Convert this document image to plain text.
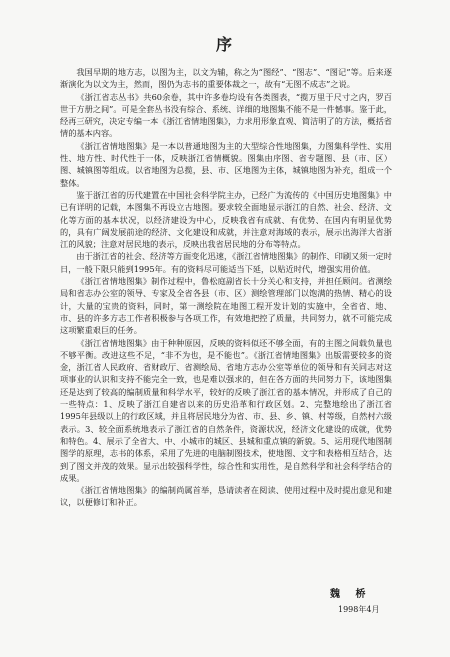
序

我国早期的地方志，以图为主，以文为辅，称之为“图经”、“图志”、“图记”等。后来逐渐演化为以文为主，然而，图仍为志书的重要体裁之一，故有“无图不成志”之说。

《浙江省志丛书》共60余卷，其中许多卷均设有各类图表，“揽万里于尺寸之内，罗百世于方册之间”。可是全套丛书没有综合、系统、详细的地图集不能不是一件憾事。鉴于此，经再三研究，决定专编一本《浙江省情地图集》，力求用形象直观、简洁明了的方法，概括省情的基本内容。

《浙江省情地图集》是一本以普通地图为主的大型综合性地图集，力图集科学性、实用性、地方性、时代性于一体，反映浙江省情概貌。图集由序图、省专题图、县（市、区）图、城镇图等组成。以省地图为总揽，县、市、区地图为主体，城镇地图为补充，组成一个整体。

鉴于浙江省的历代建置在中国社会科学院主办，已经广为流传的《中国历史地图集》中已有详明的记载，本图集不再设立古地图。要求较全面地显示浙江的自然、社会、经济、文化等方面的基本状况，以经济建设为中心，反映我省有成就、有优势、在国内有明显优势的，具有广阔发展前途的经济、文化建设和成就，并注意对海域的表示，展示出海洋大省浙江的风貌；注意对居民地的表示，反映出我省居民地的分布等特点。

由于浙江省的社会、经济等方面变化迅速，《浙江省情地图集》的制作、印刷又须一定时日，一般下限只能到1995年。有的资料尽可能适当下延，以贴近时代，增强实用价值。

《浙江省情地图集》制作过程中，鲁松庭副省长十分关心和支持，并担任顾问。省测绘局和省志办公室的领导、专家及全省各县（市、区）测绘管理部门以饱满的热情、精心的设计，大量的宝贵的资料，同时，第一测绘院在地图工程开发计划的实施中，全省省、地、市、县的许多方志工作者积极参与各项工作，有效地把控了质量，共同努力，就不可能完成这项繁重艰巨的任务。

《浙江省情地图集》由于种种原因，反映的资料似还不够全面，有的主图之间载负量也不够平衡。改进这些不足，“非不为也，是不能也”。《浙江省情地图集》出版需要较多的资金，浙江省人民政府、省财政厅、省测绘局、省地方志办公室等单位的领导和有关同志对这项事业的认识和支持不能完全一致，也是难以强求的，但在各方面的共同努力下，该地图集还是达到了较高的编制质量和科学水平，较好的反映了浙江省的基本情况，并形成了自己的一些特点：1、反映了浙江自建省以来的历史沿革和行政区划。2、完整地绘出了浙江省1995年县级以上的行政区域，并且将居民地分为省、市、县、乡、镇、村等级，自然村六级表示。3、较全面系统地表示了浙江省的自然条件，资源状况，经济文化建设的成就，优势和特色。4、展示了全省大、中、小城市的城区、县城和重点镇的新貌。5、运用现代地图制图学的原理，志书的体系，采用了先进的电脑制图技术，使地图、文字和表格相互结合，达到了图文并茂的效果。显示出较强科学性，综合性和实用性，是自然科学和社会科学结合的成果。

《浙江省情地图集》的编制尚属首举，恳请读者在阅读、使用过程中及时提出意见和建议，以便修订和补正。

魏 桥
1998年4月
